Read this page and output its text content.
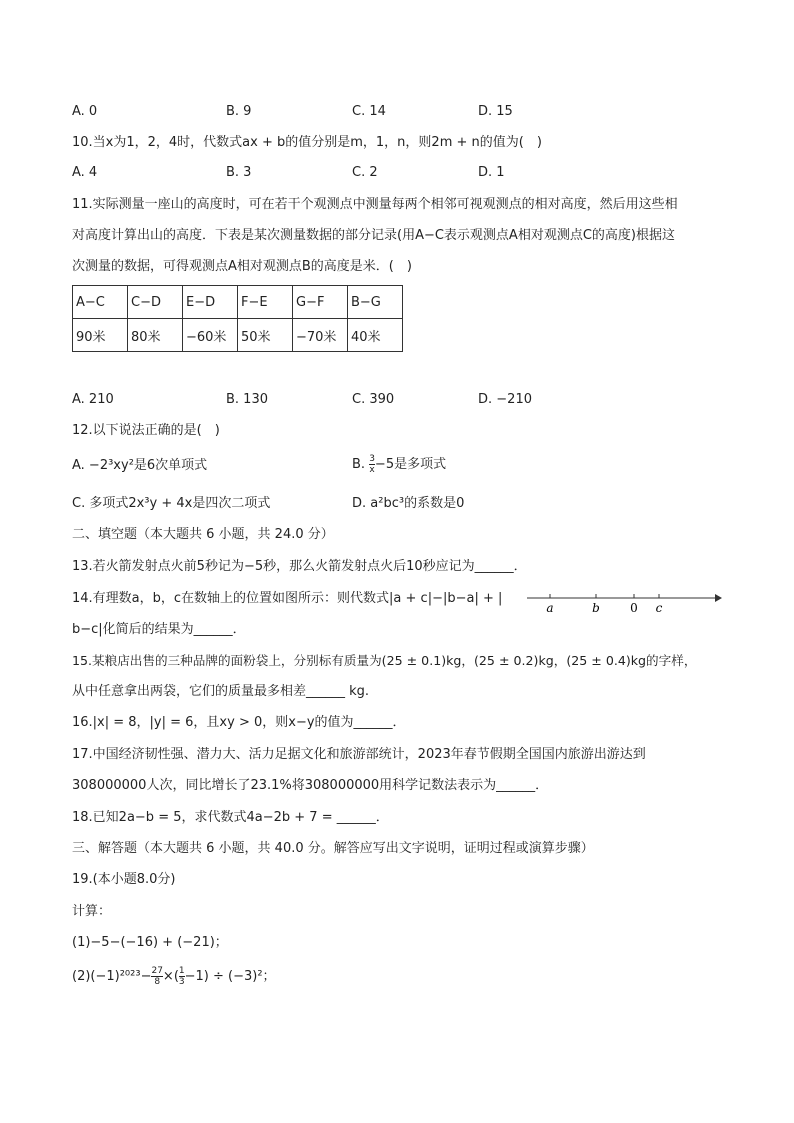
A. 0	B. 9	C. 14	D. 15
10.当x为1，2，4时，代数式ax + b的值分别是m，1，n，则2m + n的值为( )
A. 4	B. 3	C. 2	D. 1
11.实际测量一座山的高度时，可在若干个观测点中测量每两个相邻可视观测点的相对高度，然后用这些相
对高度计算出山的高度．下表是某次测量数据的部分记录(用A−C表示观测点A相对观测点C的高度)根据这
次测量的数据，可得观测点A相对观测点B的高度是米．( )
A−C	C−D	E−D	F−E	G−F	B−G
90米	80米	−60米	50米	−70米	40米
A. 210	B. 130	C. 390	D. −210
12.以下说法正确的是( )
A. −2³xy²是6次单项式	B. $\frac{3}{x} -5$是多项式
C. 多项式2x³y + 4x是四次二项式	D. a²bc³的系数是0
二、填空题（本大题共 6 小题，共 24.0 分）
13.若火箭发射点火前5秒记为−5秒，那么火箭发射点火后10秒应记为______．
14.有理数a，b，c在数轴上的位置如图所示：则代数式|a + c|−|b−a| + |
b−c|化简后的结果为______．
a	b	0 c
15.某粮店出售的三种品牌的面粉袋上，分别标有质量为(25 ± 0.1)kg，(25 ± 0.2)kg，(25 ± 0.4)kg的字样，
从中任意拿出两袋，它们的质量最多相差______ kg.
16.|x| = 8，|y| = 6，且xy > 0，则x−y的值为______．
17.中国经济韧性强、潜力大、活力足据文化和旅游部统计，2023年春节假期全国国内旅游出游达到
308000000人次，同比增长了23.1%将308000000用科学记数法表示为______．
18.已知2a−b = 5，求代数式4a−2b + 7 = ______．
三、解答题（本大题共 6 小题，共 40.0 分。解答应写出文字说明，证明过程或演算步骤）
19.(本小题8.0分)
计算：
(1)−5−(−16) + (−21)；
$(2)(-1)^{2023}- \frac{27}{8}$ ×( $\frac{1}{3} -1) \div (-3)^2$；
